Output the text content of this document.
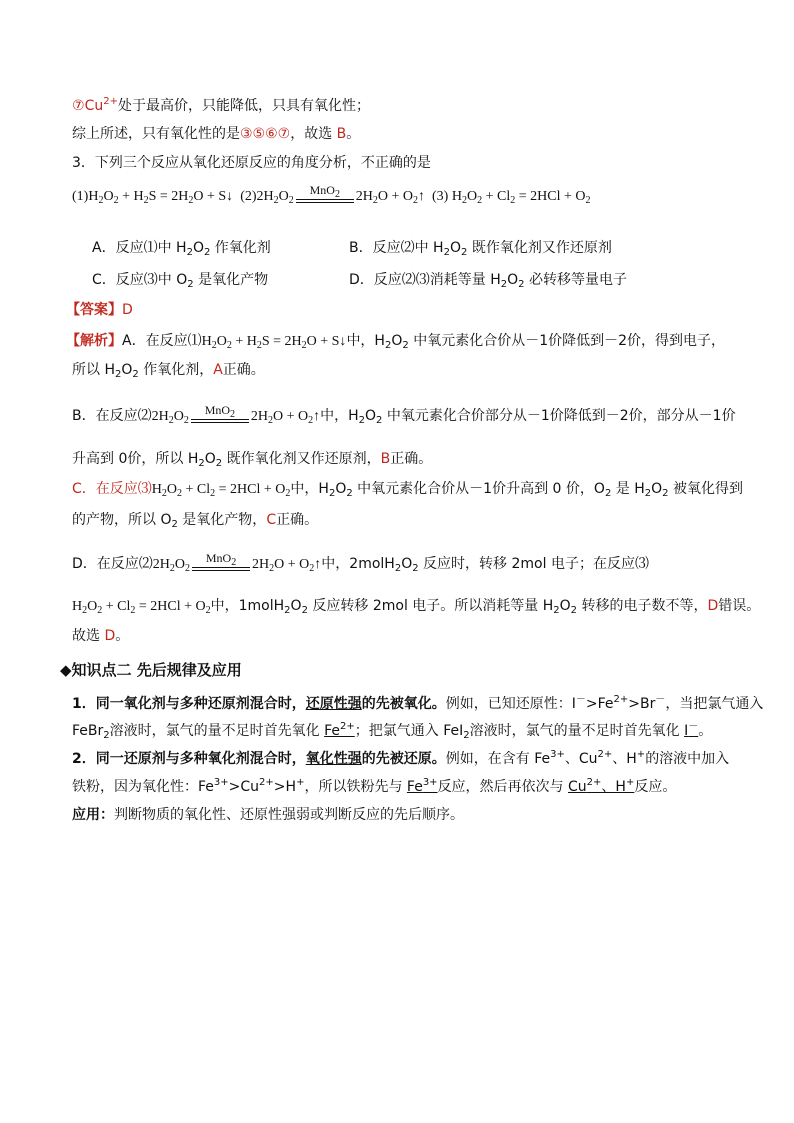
$⑦Cu^{2+}$处于最高价，只能降低，只具有氧化性；
综上所述，只有氧化性的是③⑤⑥⑦，故选 B。
3．下列三个反应从氧化还原反应的角度分析，不正确的是
$(1)H_2O_2 + H_2S = 2H_2O$ + S↓  $(2)2H_2O_2$
MnO$_2$	$2H_2O$ + $O_2↑$  (3) $H_2O_2 + Cl_2 = 2HCl + O_2$
A．反应⑴中 $H_2O_2$ 作氧化剂	B．反应⑵中 $H_2O_2$ 既作氧化剂又作还原剂
C．反应⑶中 $O_2$ 是氧化产物	D．反应⑵⑶消耗等量 $H_2O_2$ 必转移等量电子
【答案】D
【解析】A．在反应$⑴H_2O_2 + H_2S = 2H_2O$ + S↓中，$H_2O_2$ 中氧元素化合价从－1价降低到－2价，得到电子，
所以 $H_2O_2$ 作氧化剂，A正确。
B．在反应$⑵2H_2O_2$
MnO$_2$	$2H_2O$ + $O_2↑$中，$H_2O_2$ 中氧元素化合价部分从－1价降低到－2价，部分从－1价
升高到 0价，所以 $H_2O_2$ 既作氧化剂又作还原剂，B正确。
C．在反应$⑶H_2O_2 + Cl_2 = 2HCl + O_2$中，$H_2O_2$ 中氧元素化合价从－1价升高到 0 价，$O_2$ 是 $H_2O_2$ 被氧化得到
的产物，所以 $O_2$ 是氧化产物，C正确。
D．在反应$⑵2H_2O_2$
MnO$_2$	$2H_2O$ + $O_2↑$中，$2molH_2O_2$ 反应时，转移 2mol 电子；在反应⑶
$H_2O_2 + Cl_2 = 2HCl + O_2$中，$1molH_2O_2$ 反应转移 2mol 电子。所以消耗等量 $H_2O_2$ 转移的电子数不等，D错误。
故选 D。
◆知识点二 先后规律及应用
1．同一氧化剂与多种还原剂混合时，还原性强的先被氧化。例如，已知还原性：$I^->Fe^{2+}>Br^-$，当把氯气通入
FeBr$_2$溶液时，氯气的量不足时首先氧化 $Fe^{2+}$；把氯气通入 FeI$_2$溶液时，氯气的量不足时首先氧化 I－。
2．同一还原剂与多种氧化剂混合时，氧化性强的先被还原。例如，在含有 $Fe^{3+}$、$Cu^{2+}$、H+的溶液中加入
铁粉，因为氧化性：$Fe^{3+}>Cu^{2+}>H^+$，所以铁粉先与 $Fe^{3+}$反应，然后再依次与 $Cu^{2+}$、H+反应。
应用：判断物质的氧化性、还原性强弱或判断反应的先后顺序。
